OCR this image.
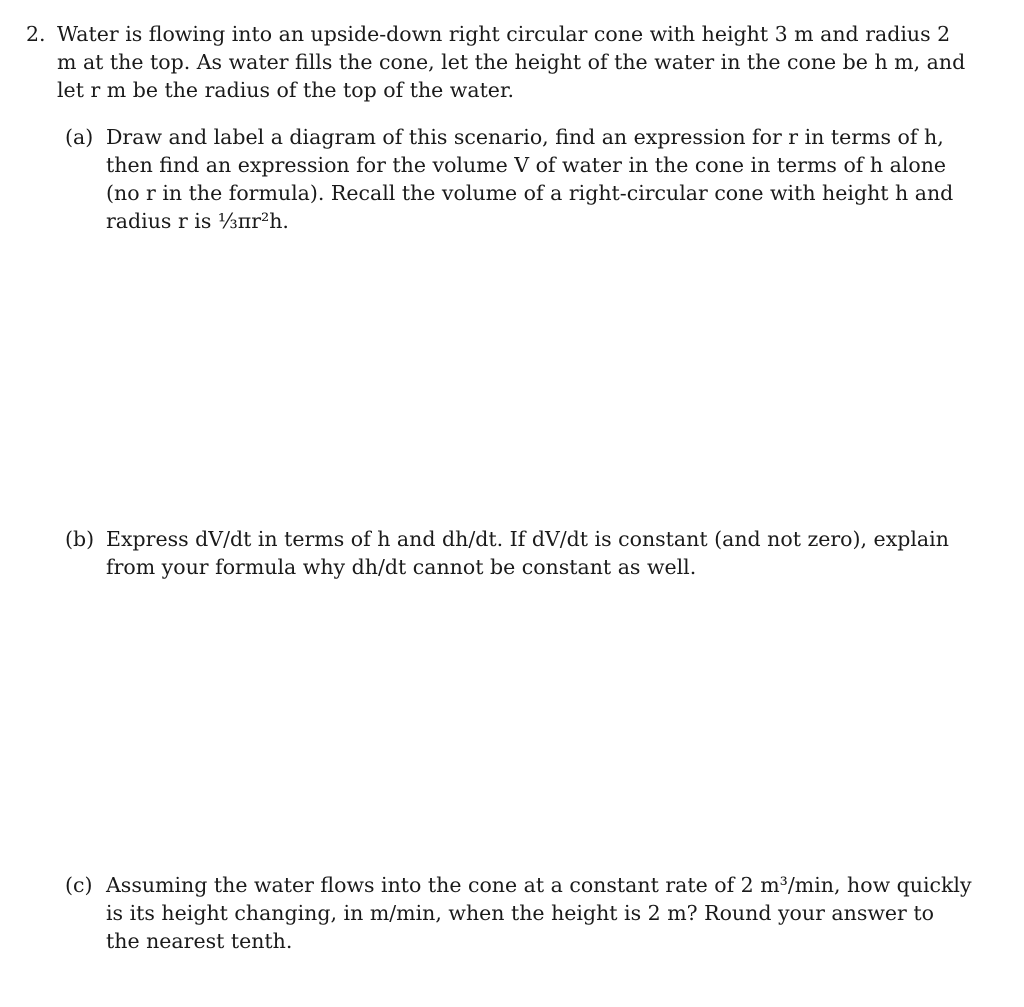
2. Water is flowing into an upside-down right circular cone with height 3 m and radius 2
m at the top. As water fills the cone, let the height of the water in the cone be h m, and
let r m be the radius of the top of the water.
(a) Draw and label a diagram of this scenario, find an expression for r in terms of h,
then find an expression for the volume V of water in the cone in terms of h alone
(no r in the formula). Recall the volume of a right-circular cone with height h and
radius r is ⅓πr²h.
(b) Express dV/dt in terms of h and dh/dt. If dV/dt is constant (and not zero), explain
from your formula why dh/dt cannot be constant as well.
(c) Assuming the water flows into the cone at a constant rate of 2 m³/min, how quickly
is its height changing, in m/min, when the height is 2 m? Round your answer to
the nearest tenth.
